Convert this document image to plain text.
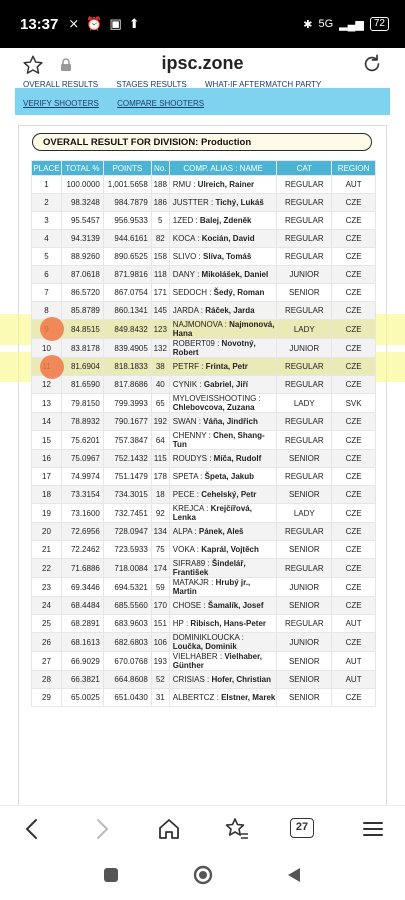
13:37 ⨯ ⏰ ▣ ⬆	✱ 5G ▂▄▆	72
ipsc.zone
OVERALL RESULTS STAGES RESULTS WHAT-IF AFTERMATCH PARTY
VERIFY SHOOTERS COMPARE SHOOTERS
OVERALL RESULT FOR DIVISION: Production
PLACE	TOTAL %	POINTS	No.	COMP. ALIAS : NAME	CAT	REGION
1	100.0000	1,001.5658	188	RMU : Ulreich, Rainer	REGULAR	AUT
2	98.3248	984.7879	186	JUSTTER : Tichý, Lukáš	REGULAR	CZE
3	95.5457	956.9533	5	1ZED : Balej, Zdeněk	REGULAR	CZE
4	94.3139	944.6161	82	KOCA : Kocián, David	REGULAR	CZE
5	88.9260	890.6525	158	SLIVO : Slíva, Tomáš	REGULAR	CZE
6	87.0618	871.9816	118	DANY : Mikolášek, Daniel	JUNIOR	CZE
7	86.5720	867.0754	171	SEDOCH : Šedý, Roman	SENIOR	CZE
8	85.8789	860.1341	145	JARDA : Ráček, Jarda	REGULAR	CZE
	84.8515	849.8432	123	NAJMONOVA : Najmonová, Hana	LADY	CZE
10	83.8178	839.4905	132	ROBERT09 : Novotný, Robert	JUNIOR	CZE
	81.6904	818.1833	38	PETRF : Frinta, Petr	REGULAR	CZE
12	81.6590	817.8686	40	CYNIK : Gabriel, Jiří	REGULAR	CZE
13	79.8150	799.3993	65	MYLOVEISSHOOTING : Chlebovcova, Zuzana	LADY	SVK
14	78.8932	790.1677	192	SWAN : Váňa, Jindřich	REGULAR	CZE
15	75.6201	757.3847	64	CHENNY : Chen, Shang-Tun	REGULAR	CZE
16	75.0967	752.1432	115	ROUDYS : Míča, Rudolf	SENIOR	CZE
17	74.9974	751.1479	178	SPETA : Špeta, Jakub	REGULAR	CZE
18	73.3154	734.3015	18	PECE : Cehelský, Petr	SENIOR	CZE
19	73.1600	732.7451	92	KREJCA : Krejčířová, Lenka	LADY	CZE
20	72.6956	728.0947	134	ALPA : Pánek, Aleš	REGULAR	CZE
21	72.2462	723.5933	75	VOKA : Kaprál, Vojtěch	SENIOR	CZE
22	71.6886	718.0084	174	SIFRA89 : Šindelář, František	REGULAR	CZE
23	69.3446	694.5321	59	MATAKJR : Hrubý jr., Martin	JUNIOR	CZE
24	68.4484	685.5560	170	CHOSE : Šamalík, Josef	SENIOR	CZE
25	68.2891	683.9603	151	HP : Ribisch, Hans-Peter	REGULAR	AUT
26	68.1613	682.6803	106	DOMINIKLOUCKA : Loučka, Dominik	JUNIOR	CZE
27	66.9029	670.0768	193	VIELHABER : Vielhaber, Günther	SENIOR	AUT
28	66.3821	664.8608	52	CRISIAS : Hofer, Christian	SENIOR	AUT
29	65.0025	651.0430	31	ALBERTCZ : Elstner, Marek	SENIOR	CZE
27
